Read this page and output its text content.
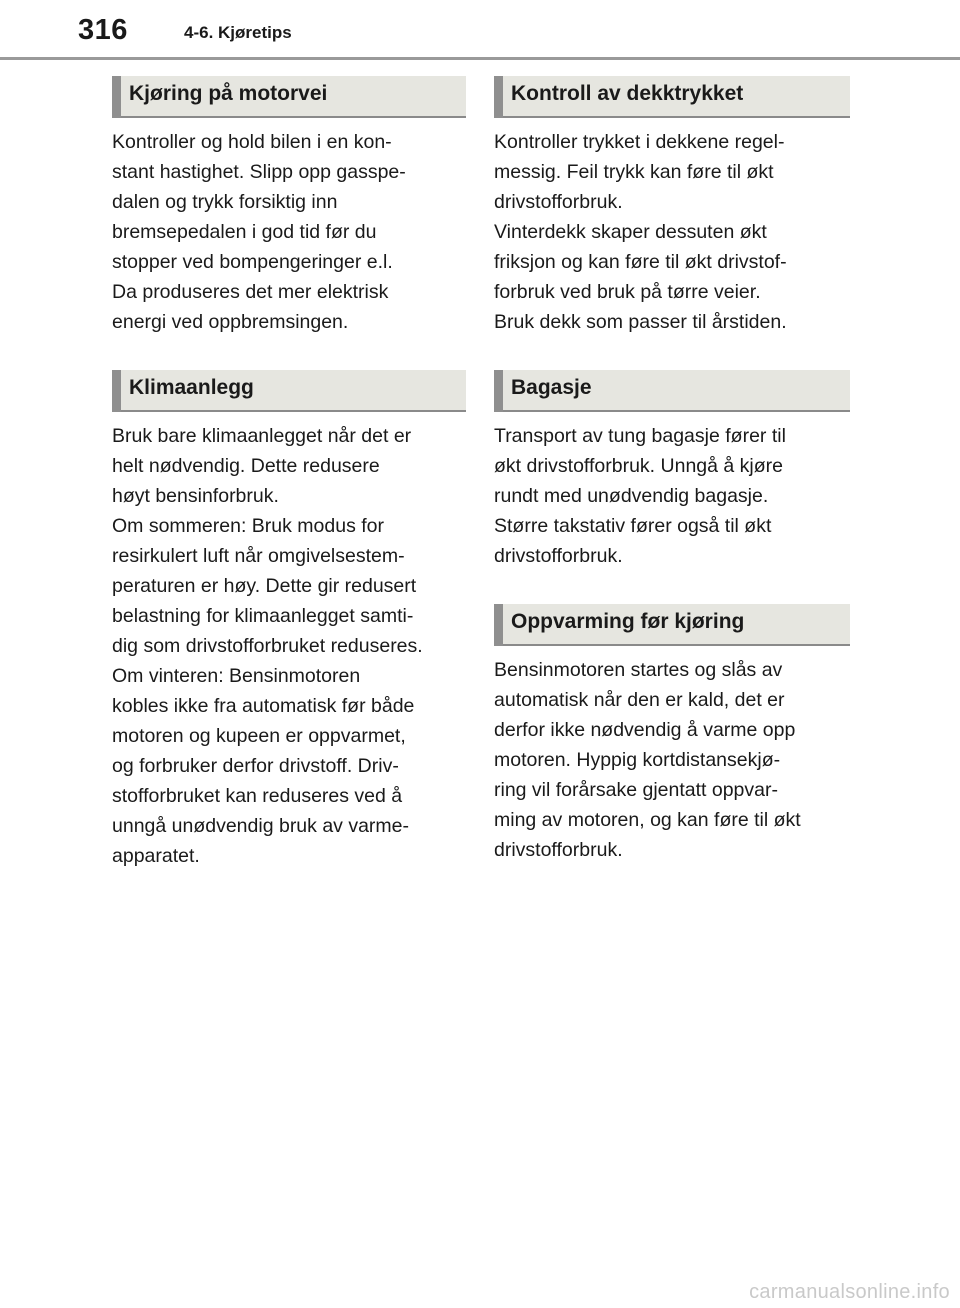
316	4-6. Kjøretips
Kjøring på motorvei
Kontroller og hold bilen i en kon-
stant hastighet. Slipp opp gasspe-
dalen og trykk forsiktig inn
bremsepedalen i god tid før du
stopper ved bompengeringer e.l.
Da produseres det mer elektrisk
energi ved oppbremsingen.
Klimaanlegg
Bruk bare klimaanlegget når det er
helt nødvendig. Dette redusere
høyt bensinforbruk.
Om sommeren: Bruk modus for
resirkulert luft når omgivelsestem-
peraturen er høy. Dette gir redusert
belastning for klimaanlegget samti-
dig som drivstofforbruket reduseres.
Om vinteren: Bensinmotoren
kobles ikke fra automatisk før både
motoren og kupeen er oppvarmet,
og forbruker derfor drivstoff. Driv-
stofforbruket kan reduseres ved å
unngå unødvendig bruk av varme-
apparatet.
Kontroll av dekktrykket
Kontroller trykket i dekkene regel-
messig. Feil trykk kan føre til økt
drivstofforbruk.
Vinterdekk skaper dessuten økt
friksjon og kan føre til økt drivstof-
forbruk ved bruk på tørre veier.
Bruk dekk som passer til årstiden.
Bagasje
Transport av tung bagasje fører til
økt drivstofforbruk. Unngå å kjøre
rundt med unødvendig bagasje.
Større takstativ fører også til økt
drivstofforbruk.
Oppvarming før kjøring
Bensinmotoren startes og slås av
automatisk når den er kald, det er
derfor ikke nødvendig å varme opp
motoren. Hyppig kortdistansekjø-
ring vil forårsake gjentatt oppvar-
ming av motoren, og kan føre til økt
drivstofforbruk.
carmanualsonline.info
